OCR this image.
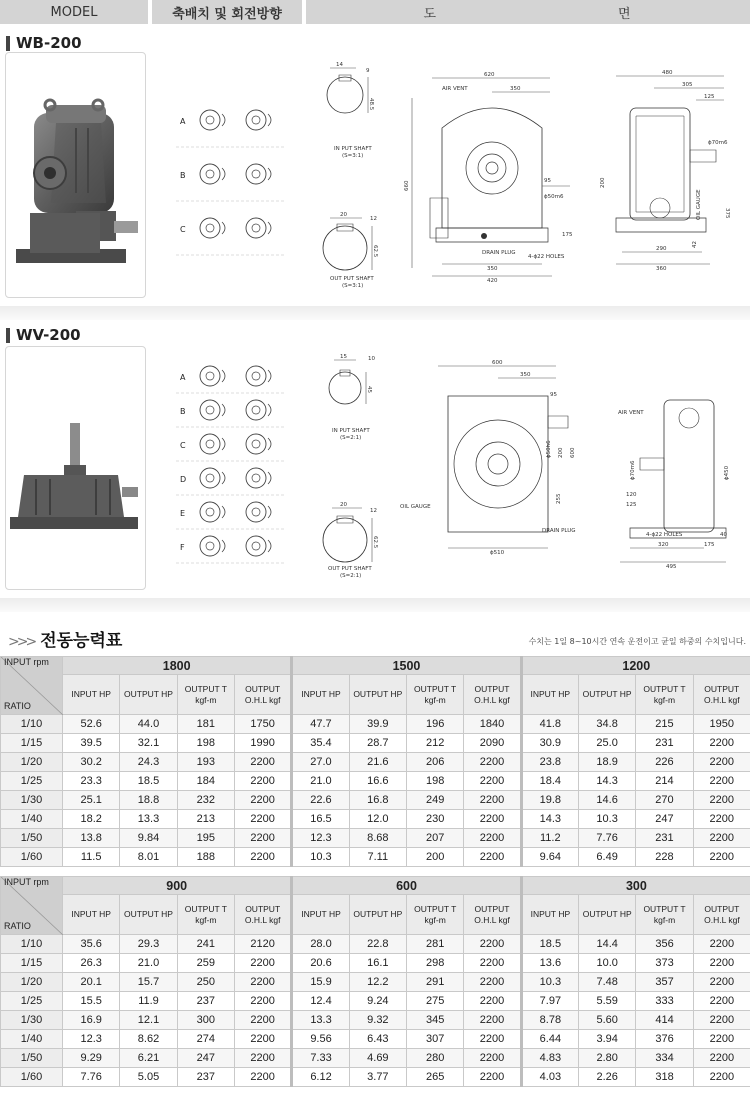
MODEL	축배치 및 회전방향	도	면
WB-200
A
B
C
14
9
48.5
IN PUT SHAFT
(S=3:1)
20
12
62.5
OUT PUT SHAFT
(S=3:1)
620
350
AIR VENT
660	95
ϕ50m6
175
DRAIN PLUG
4-ϕ22 HOLES
350
420
480
305
125
ϕ70m6
200
375
OIL GAUGE
42
290
360
WV-200
A
B
C
D
E
F
15	10
45
IN PUT SHAFT
(S=2:1)
20
12
62.5
OUT PUT SHAFT
(S=2:1)
600
350
95
ϕ50h6 200 600
255
OIL GAUGE
DRAIN PLUG
ϕ510
AIR VENT
ϕ70m6	ϕ450
120
125
4-ϕ22 HOLES	40
320	175
495
>>> 전동능력표	수치는 1일 8~10시간 연속 운전이고 균일 하중의 수치입니다.
INPUT rpm
RATIO	1800				1500				1200			
	INPUT HP	OUTPUT HP	OUTPUT T kgf-m	OUTPUT O.H.L kgf	INPUT HP	OUTPUT HP	OUTPUT T kgf-m	OUTPUT O.H.L kgf	INPUT HP	OUTPUT HP	OUTPUT T kgf-m	OUTPUT O.H.L kgf
1/10	52.6	44.0	181	1750	47.7	39.9	196	1840	41.8	34.8	215	1950
1/15	39.5	32.1	198	1990	35.4	28.7	212	2090	30.9	25.0	231	2200
1/20	30.2	24.3	193	2200	27.0	21.6	206	2200	23.8	18.9	226	2200
1/25	23.3	18.5	184	2200	21.0	16.6	198	2200	18.4	14.3	214	2200
1/30	25.1	18.8	232	2200	22.6	16.8	249	2200	19.8	14.6	270	2200
1/40	18.2	13.3	213	2200	16.5	12.0	230	2200	14.3	10.3	247	2200
1/50	13.8	9.84	195	2200	12.3	8.68	207	2200	11.2	7.76	231	2200
1/60	11.5	8.01	188	2200	10.3	7.11	200	2200	9.64	6.49	228	2200
INPUT rpm
RATIO	900				600				300			
	INPUT HP	OUTPUT HP	OUTPUT T kgf-m	OUTPUT O.H.L kgf	INPUT HP	OUTPUT HP	OUTPUT T kgf-m	OUTPUT O.H.L kgf	INPUT HP	OUTPUT HP	OUTPUT T kgf-m	OUTPUT O.H.L kgf
1/10	35.6	29.3	241	2120	28.0	22.8	281	2200	18.5	14.4	356	2200
1/15	26.3	21.0	259	2200	20.6	16.1	298	2200	13.6	10.0	373	2200
1/20	20.1	15.7	250	2200	15.9	12.2	291	2200	10.3	7.48	357	2200
1/25	15.5	11.9	237	2200	12.4	9.24	275	2200	7.97	5.59	333	2200
1/30	16.9	12.1	300	2200	13.3	9.32	345	2200	8.78	5.60	414	2200
1/40	12.3	8.62	274	2200	9.56	6.43	307	2200	6.44	3.94	376	2200
1/50	9.29	6.21	247	2200	7.33	4.69	280	2200	4.83	2.80	334	2200
1/60	7.76	5.05	237	2200	6.12	3.77	265	2200	4.03	2.26	318	2200
